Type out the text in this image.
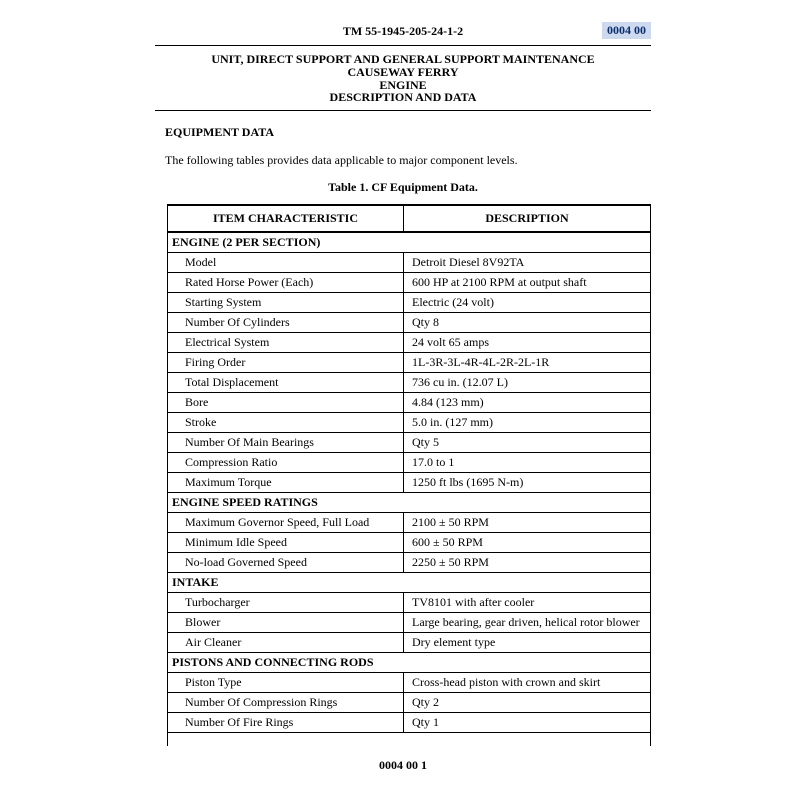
TM 55-1945-205-24-1-2	0004 00
UNIT, DIRECT SUPPORT AND GENERAL SUPPORT MAINTENANCE
CAUSEWAY FERRY
ENGINE
DESCRIPTION AND DATA
EQUIPMENT DATA
The following tables provides data applicable to major component levels.
Table 1. CF Equipment Data.
ITEM CHARACTERISTIC	DESCRIPTION
ENGINE (2 PER SECTION)	
Model	Detroit Diesel 8V92TA
Rated Horse Power (Each)	600 HP at 2100 RPM at output shaft
Starting System	Electric (24 volt)
Number Of Cylinders	Qty 8
Electrical System	24 volt 65 amps
Firing Order	1L-3R-3L-4R-4L-2R-2L-1R
Total Displacement	736 cu in. (12.07 L)
Bore	4.84 (123 mm)
Stroke	5.0 in. (127 mm)
Number Of Main Bearings	Qty 5
Compression Ratio	17.0 to 1
Maximum Torque	1250 ft lbs (1695 N-m)
ENGINE SPEED RATINGS	
Maximum Governor Speed, Full Load	2100 ± 50 RPM
Minimum Idle Speed	600 ± 50 RPM
No-load Governed Speed	2250 ± 50 RPM
INTAKE	
Turbocharger	TV8101 with after cooler
Blower	Large bearing, gear driven, helical rotor blower
Air Cleaner	Dry element type
PISTONS AND CONNECTING RODS	
Piston Type	Cross-head piston with crown and skirt
Number Of Compression Rings	Qty 2
Number Of Fire Rings	Qty 1

0004 00 1
